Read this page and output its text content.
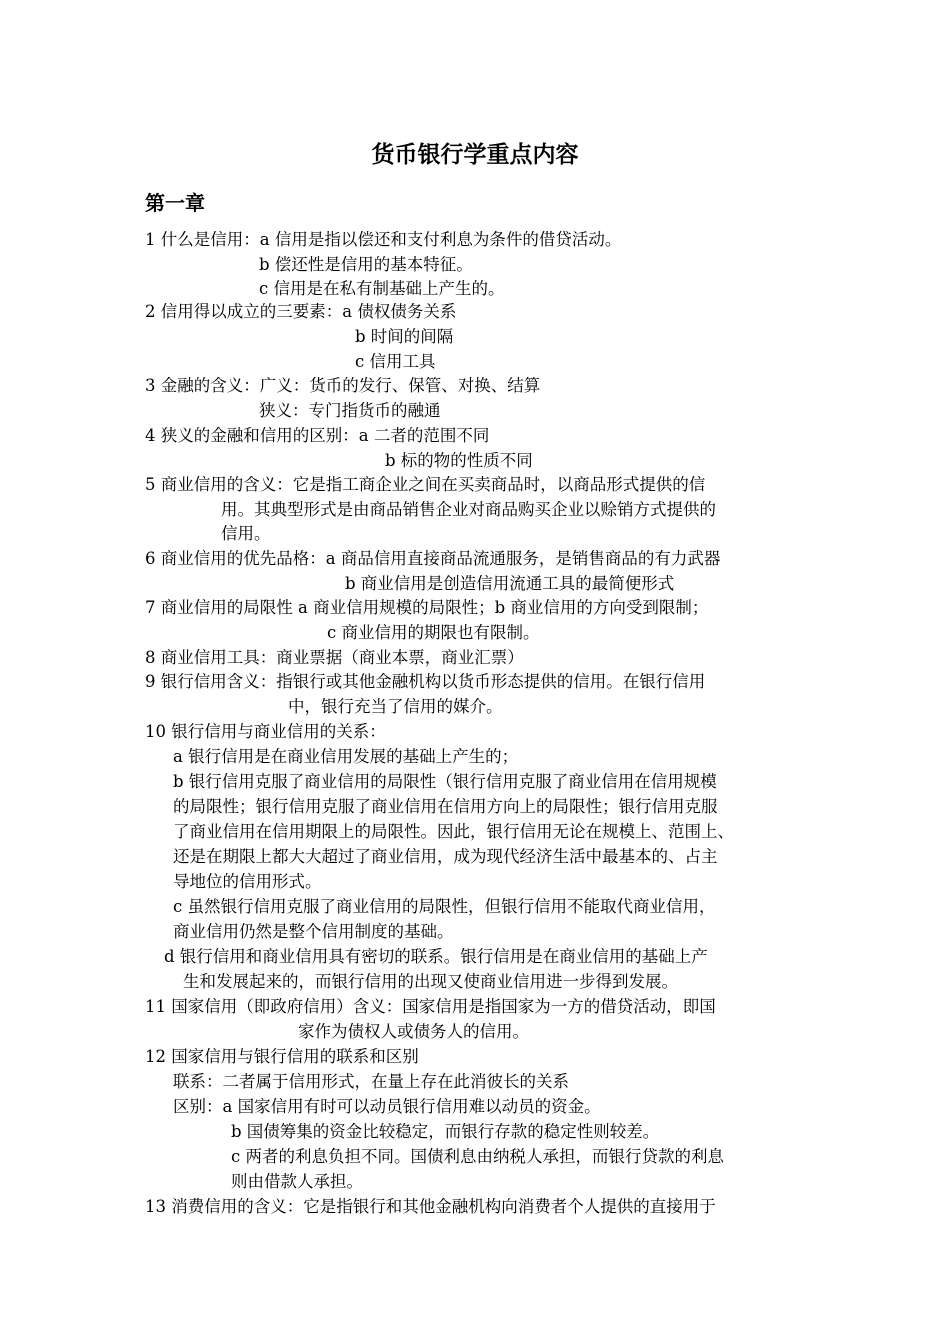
货币银行学重点内容
第一章
1 什么是信用：a 信用是指以偿还和支付利息为条件的借贷活动。
b 偿还性是信用的基本特征。
c 信用是在私有制基础上产生的。
2 信用得以成立的三要素：a 债权债务关系
b 时间的间隔
c 信用工具
3 金融的含义：广义：货币的发行、保管、对换、结算
狭义：专门指货币的融通
4 狭义的金融和信用的区别：a 二者的范围不同
b 标的物的性质不同
5 商业信用的含义：它是指工商企业之间在买卖商品时，以商品形式提供的信
用。其典型形式是由商品销售企业对商品购买企业以赊销方式提供的
信用。
6 商业信用的优先品格：a 商品信用直接商品流通服务，是销售商品的有力武器
b 商业信用是创造信用流通工具的最简便形式
7 商业信用的局限性 a 商业信用规模的局限性；b 商业信用的方向受到限制；
c 商业信用的期限也有限制。
8 商业信用工具：商业票据（商业本票，商业汇票）
9 银行信用含义：指银行或其他金融机构以货币形态提供的信用。在银行信用
中，银行充当了信用的媒介。
10 银行信用与商业信用的关系：
a 银行信用是在商业信用发展的基础上产生的；
b 银行信用克服了商业信用的局限性（银行信用克服了商业信用在信用规模
的局限性；银行信用克服了商业信用在信用方向上的局限性；银行信用克服
了商业信用在信用期限上的局限性。因此，银行信用无论在规模上、范围上、
还是在期限上都大大超过了商业信用，成为现代经济生活中最基本的、占主
导地位的信用形式。
c 虽然银行信用克服了商业信用的局限性，但银行信用不能取代商业信用，
商业信用仍然是整个信用制度的基础。
d 银行信用和商业信用具有密切的联系。银行信用是在商业信用的基础上产
生和发展起来的，而银行信用的出现又使商业信用进一步得到发展。
11 国家信用（即政府信用）含义：国家信用是指国家为一方的借贷活动，即国
家作为债权人或债务人的信用。
12 国家信用与银行信用的联系和区别
联系：二者属于信用形式，在量上存在此消彼长的关系
区别：a 国家信用有时可以动员银行信用难以动员的资金。
b 国债筹集的资金比较稳定，而银行存款的稳定性则较差。
c 两者的利息负担不同。国债利息由纳税人承担，而银行贷款的利息
则由借款人承担。
13 消费信用的含义：它是指银行和其他金融机构向消费者个人提供的直接用于
